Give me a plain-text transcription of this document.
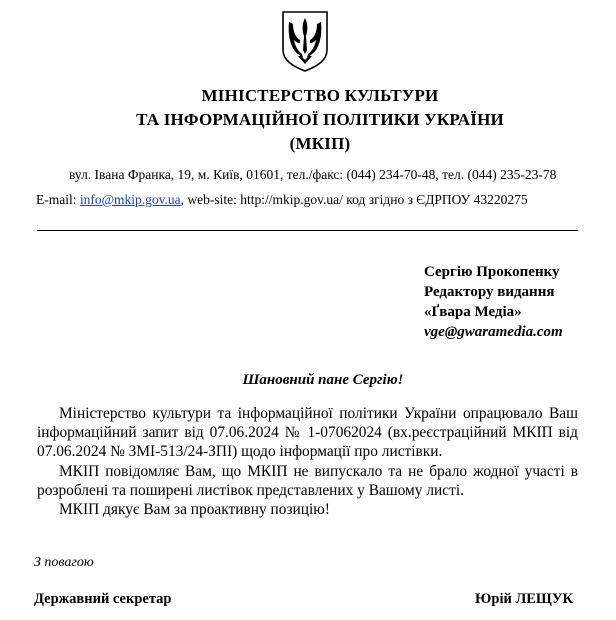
МІНІСТЕРСТВО КУЛЬТУРИ
ТА ІНФОРМАЦІЙНОЇ ПОЛІТИКИ УКРАЇНИ
(МКІП)
вул. Івана Франка, 19, м. Київ, 01601, тел./факс: (044) 234-70-48, тел. (044) 235-23-78
E-mail: info@mkip.gov.ua, web-site: http://mkip.gov.ua/ код згідно з ЄДРПОУ 43220275
Сергію Прокопенку
Редактору видання
«Ґвара Медіа»
vge@gwaramedia.com
Шановний пане Сергію!

Міністерство культури та інформаційної політики України опрацювало Ваш інформаційний запит від 07.06.2024 № 1-07062024 (вх.реєстраційний МКІП від 07.06.2024 № ЗМІ-513/24-ЗПІ) щодо інформації про листівки.

МКІП повідомляє Вам, що МКІП не випускало та не брало жодної участі в розроблені та поширені листівок представлених у Вашому листі.

МКІП дякує Вам за проактивну позицію!

З повагою
Державний секретар	Юрій ЛЕЩУК
